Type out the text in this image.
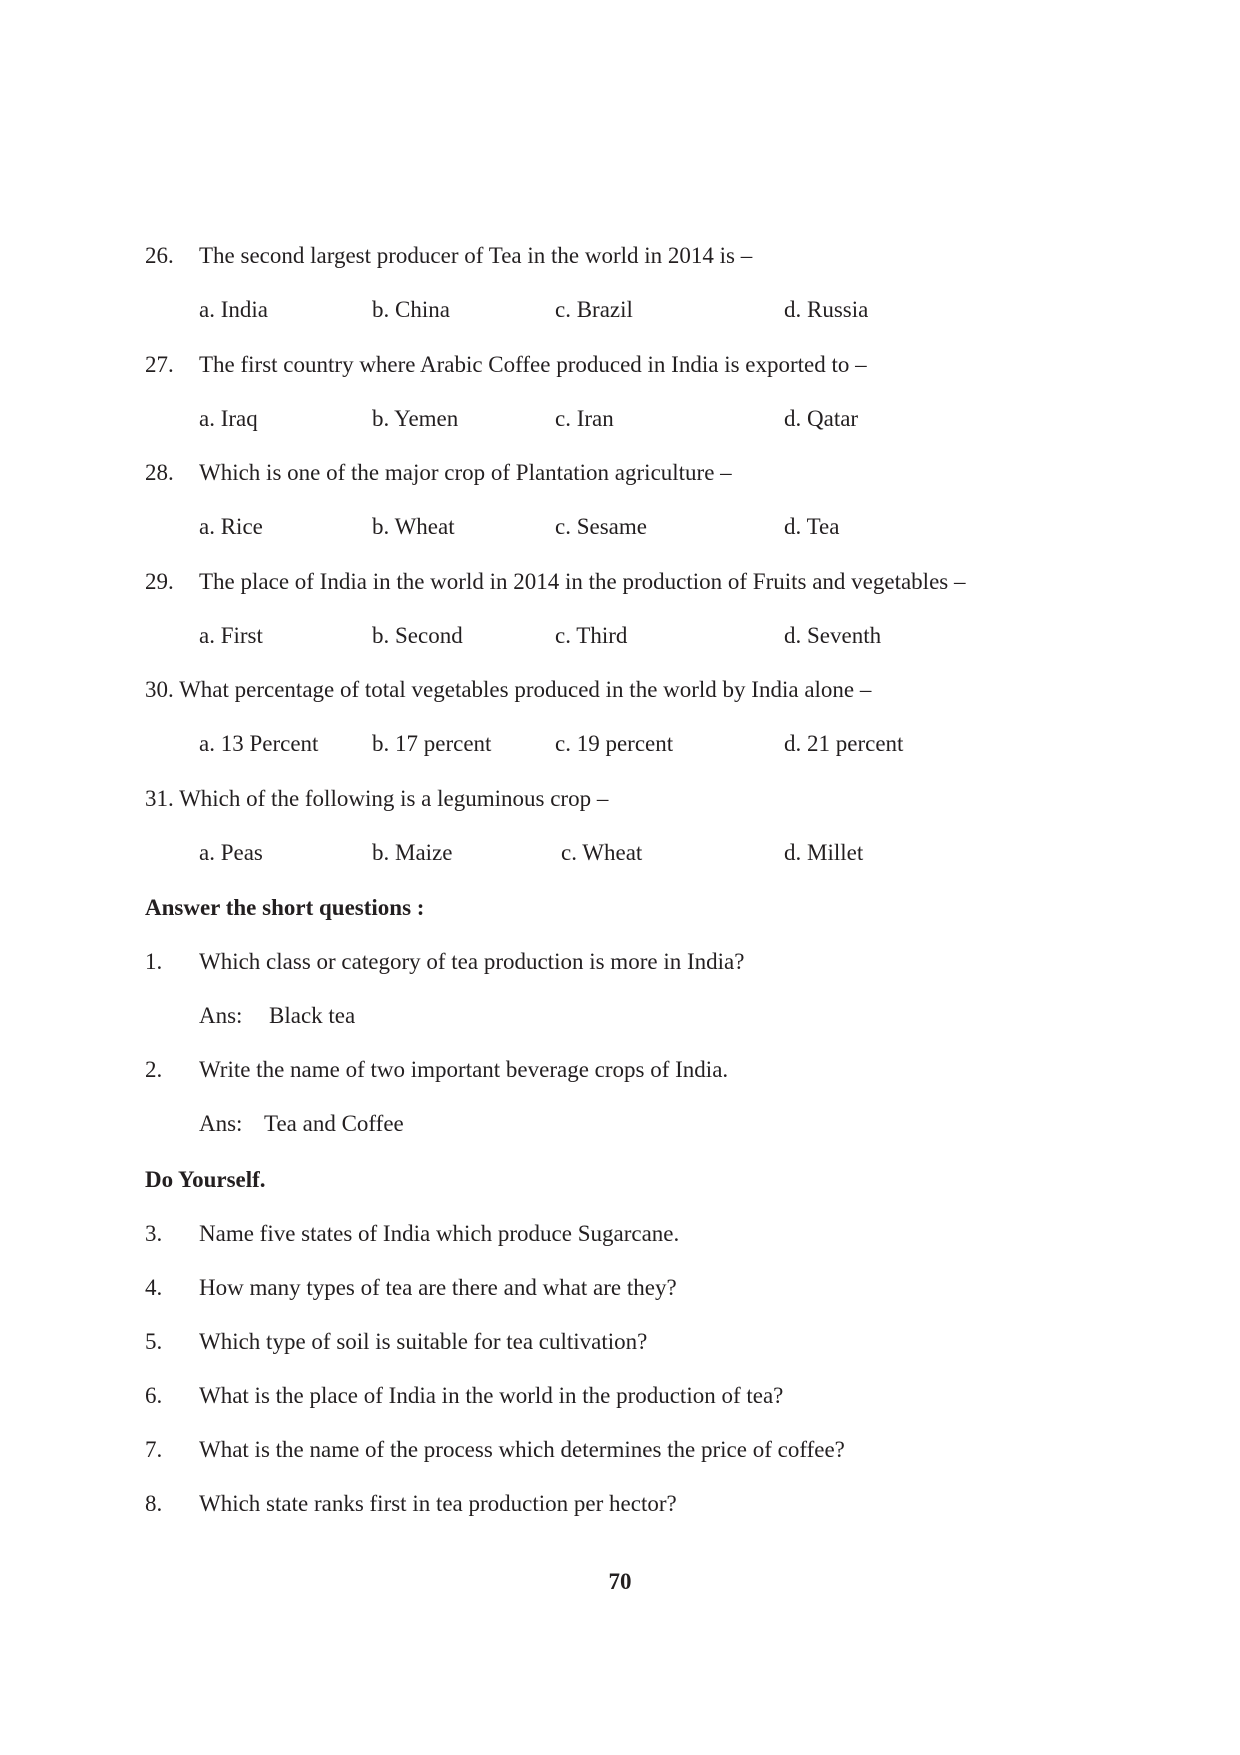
26. The second largest producer of Tea in the world in 2014 is –
a. India	b. China	c. Brazil	d. Russia
27. The first country where Arabic Coffee produced in India is exported to –
a. Iraq	b. Yemen	c. Iran	d. Qatar
28. Which is one of the major crop of Plantation agriculture –
a. Rice	b. Wheat	c. Sesame	d. Tea
29. The place of India in the world in 2014 in the production of Fruits and vegetables –
a. First	b. Second	c. Third	d. Seventh
30. What percentage of total vegetables produced in the world by India alone –
a. 13 Percent b. 17 percent	c. 19 percent	d. 21 percent
31. Which of the following is a leguminous crop –
a. Peas	b. Maize	c. Wheat	d. Millet
Answer the short questions :
1. Which class or category of tea production is more in India?
Ans: Black tea
2. Write the name of two important beverage crops of India.
Ans: Tea and Coffee
Do Yourself.
3. Name five states of India which produce Sugarcane.
4. How many types of tea are there and what are they?
5. Which type of soil is suitable for tea cultivation?
6. What is the place of India in the world in the production of tea?
7. What is the name of the process which determines the price of coffee?
8. Which state ranks first in tea production per hector?
70
